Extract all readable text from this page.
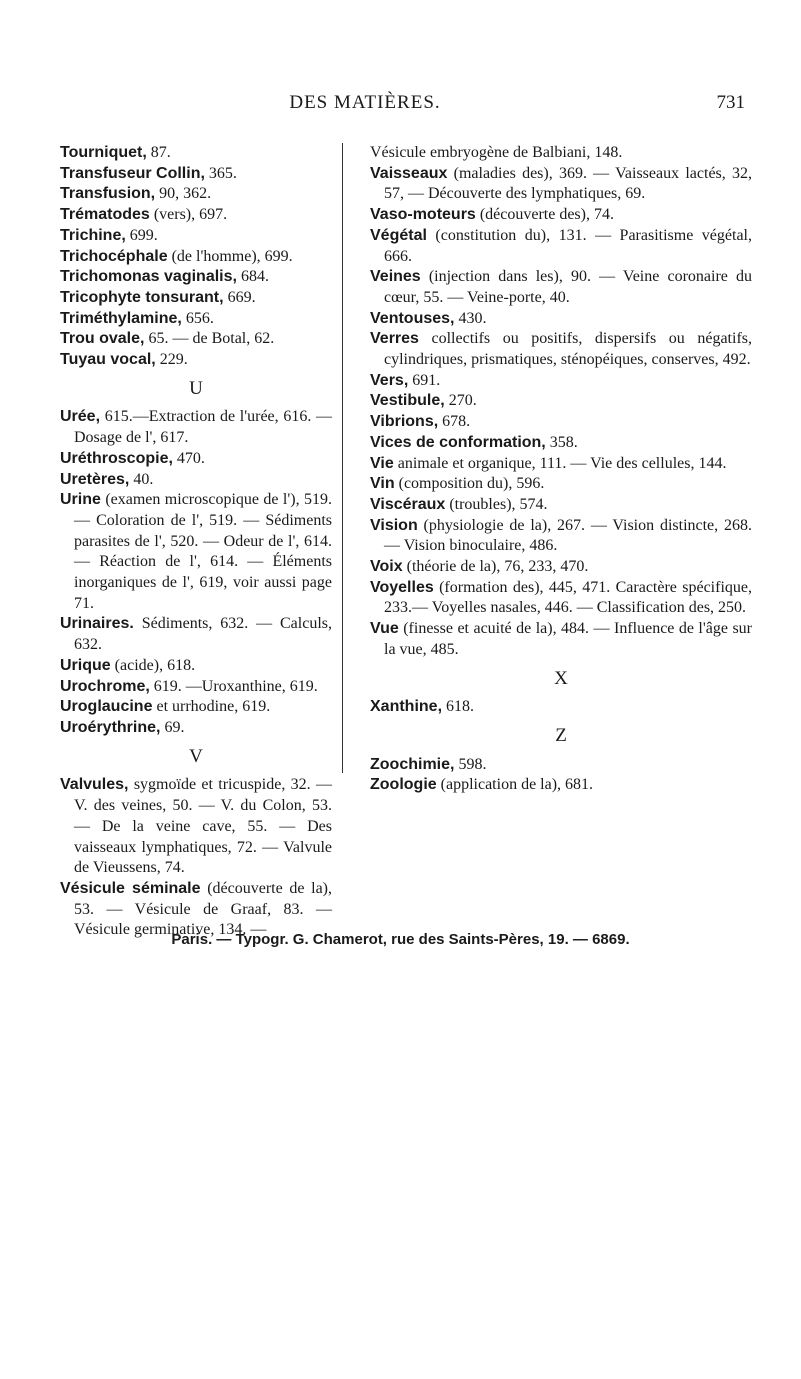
DES MATIÈRES.	731

Tourniquet, 87.

Transfuseur Collin, 365.

Transfusion, 90, 362.

Trématodes (vers), 697.

Trichine, 699.

Trichocéphale (de l'homme), 699.

Trichomonas vaginalis, 684.

Tricophyte tonsurant, 669.

Triméthylamine, 656.

Trou ovale, 65. — de Botal, 62.

Tuyau vocal, 229.

U

Urée, 615.—Extraction de l'urée, 616. — Dosage de l', 617.

Uréthroscopie, 470.

Uretères, 40.

Urine (examen microscopique de l'), 519. — Coloration de l', 519. — Sédiments parasites de l', 520. — Odeur de l', 614. — Réaction de l', 614. — Éléments inorganiques de l', 619, voir aussi page 71.

Urinaires. Sédiments, 632. — Calculs, 632.

Urique (acide), 618.

Urochrome, 619. —Uroxanthine, 619.

Uroglaucine et urrhodine, 619.

Uroérythrine, 69.

V

Valvules, sygmoïde et tricuspide, 32. — V. des veines, 50. — V. du Colon, 53. — De la veine cave, 55. — Des vaisseaux lymphatiques, 72. — Valvule de Vieussens, 74.

Vésicule séminale (découverte de la), 53. — Vésicule de Graaf, 83. — Vésicule germinative, 134. —

Vésicule embryogène de Balbiani, 148.

Vaisseaux (maladies des), 369. — Vaisseaux lactés, 32, 57, — Découverte des lymphatiques, 69.

Vaso-moteurs (découverte des), 74.

Végétal (constitution du), 131. — Parasitisme végétal, 666.

Veines (injection dans les), 90. — Veine coronaire du cœur, 55. — Veine-porte, 40.

Ventouses, 430.

Verres collectifs ou positifs, dispersifs ou négatifs, cylindriques, prismatiques, sténopéiques, conserves, 492.

Vers, 691.

Vestibule, 270.

Vibrions, 678.

Vices de conformation, 358.

Vie animale et organique, 111. — Vie des cellules, 144.

Vin (composition du), 596.

Viscéraux (troubles), 574.

Vision (physiologie de la), 267. — Vision distincte, 268. — Vision binoculaire, 486.

Voix (théorie de la), 76, 233, 470.

Voyelles (formation des), 445, 471. Caractère spécifique, 233.— Voyelles nasales, 446. — Classification des, 250.

Vue (finesse et acuité de la), 484. — Influence de l'âge sur la vue, 485.

X

Xanthine, 618.

Z

Zoochimie, 598.

Zoologie (application de la), 681.

Paris. — Typogr. G. Chamerot, rue des Saints-Pères, 19. — 6869.
